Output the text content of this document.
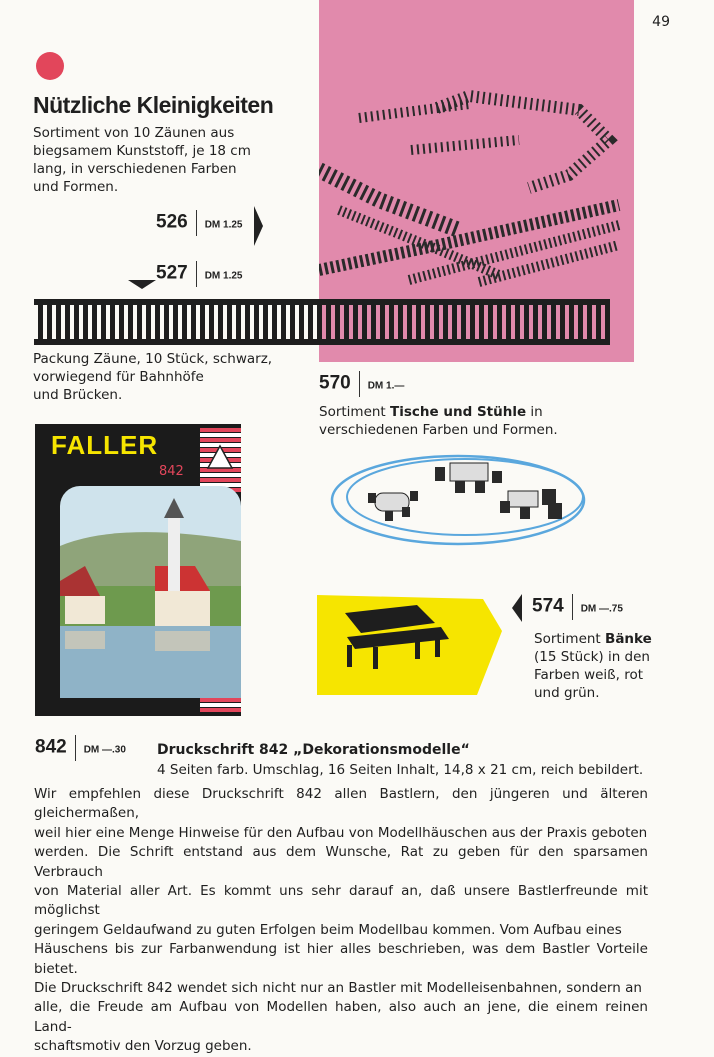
49
Nützliche Kleinigkeiten
Sortiment von 10 Zäunen aus
biegsamem Kunststoff, je 18 cm
lang, in verschiedenen Farben
und Formen.
526 DM 1.25
527 DM 1.25
Packung Zäune, 10 Stück, schwarz,
vorwiegend für Bahnhöfe
und Brücken.
570 DM 1.—
Sortiment Tische und Stühle in
verschiedenen Farben und Formen.
FALLER
842
574 DM —.75
Sortiment Bänke
(15 Stück) in den
Farben weiß, rot
und grün.
842 DM —.30 Druckschrift 842 „Dekorationsmodelle“
4 Seiten farb. Umschlag, 16 Seiten Inhalt, 14,8 x 21 cm, reich bebildert.
Wir empfehlen diese Druckschrift 842 allen Bastlern, den jüngeren und älteren gleichermaßen,
weil hier eine Menge Hinweise für den Aufbau von Modellhäuschen aus der Praxis geboten
werden. Die Schrift entstand aus dem Wunsche, Rat zu geben für den sparsamen Verbrauch
von Material aller Art. Es kommt uns sehr darauf an, daß unsere Bastlerfreunde mit möglichst
geringem Geldaufwand zu guten Erfolgen beim Modellbau kommen. Vom Aufbau eines
Häuschens bis zur Farbanwendung ist hier alles beschrieben, was dem Bastler Vorteile bietet.
Die Druckschrift 842 wendet sich nicht nur an Bastler mit Modelleisenbahnen, sondern an
alle, die Freude am Aufbau von Modellen haben, also auch an jene, die einem reinen Land-
schaftsmotiv den Vorzug geben.
